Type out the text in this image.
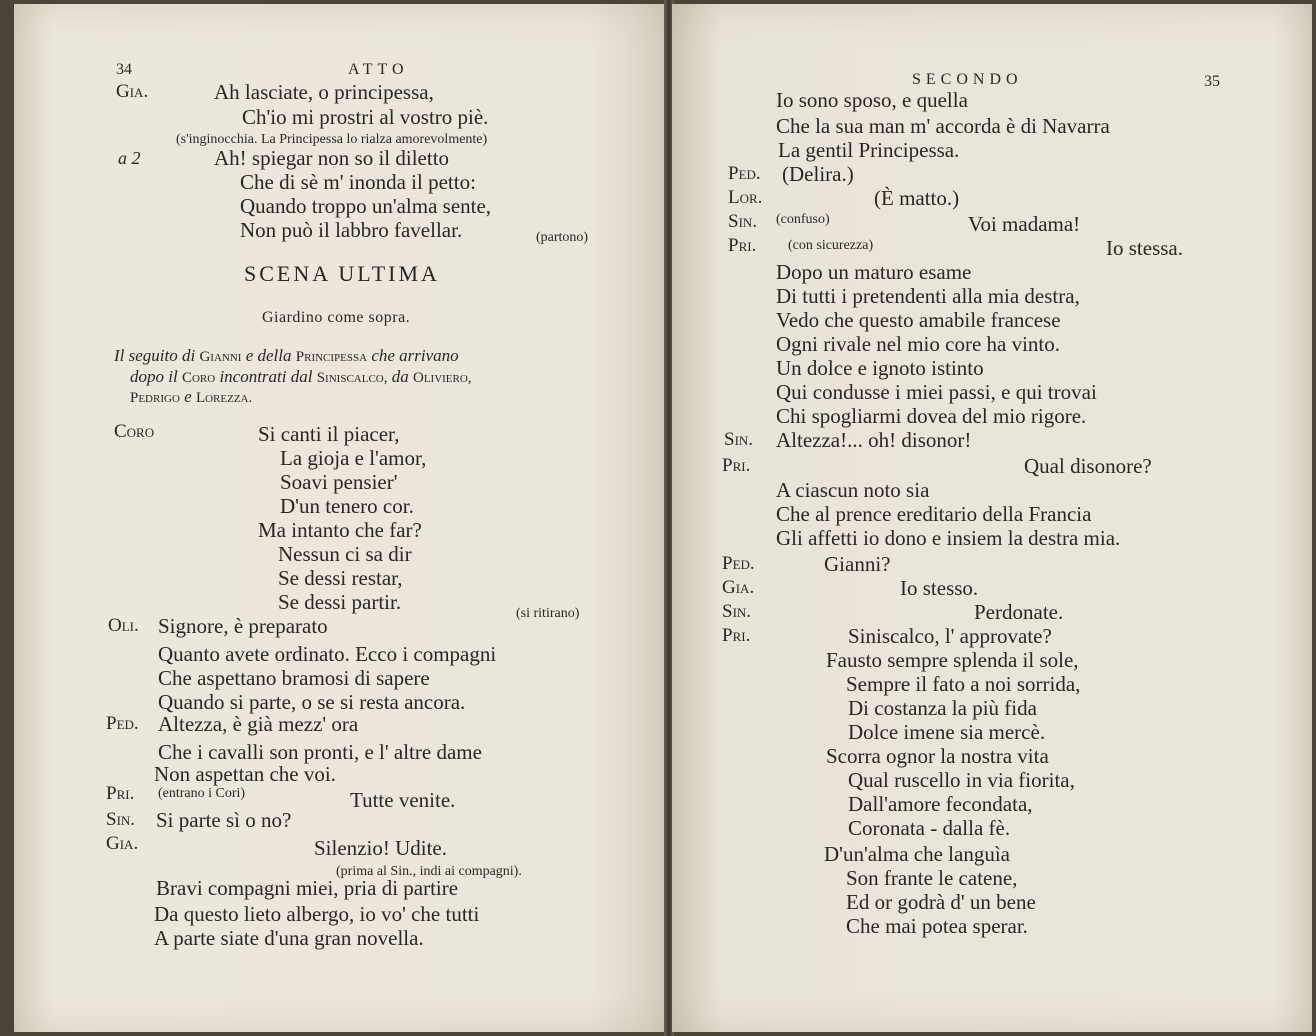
34	ATTO
Gia.	Ah lasciate, o principessa,
Ch'io mi prostri al vostro piè.
(s'inginocchia. La Principessa lo rialza amorevolmente)
a 2	Ah! spiegar non so il diletto
Che di sè m' inonda il petto:
Quando troppo un'alma sente,
Non può il labbro favellar.	(partono)
SCENA ULTIMA
Giardino come sopra.
Il seguito di Gianni e della Principessa che arrivano
dopo il Coro incontrati dal Siniscalco, da Oliviero,
Pedrigo e Lorezza.
Coro	Si canti il piacer,
La gioja e l'amor,
Soavi pensier'
D'un tenero cor.
Ma intanto che far?
Nessun ci sa dir
Se dessi restar,
Se dessi partir.	(si ritirano)
Oli. Signore, è preparato
Quanto avete ordinato. Ecco i compagni
Che aspettano bramosi di sapere
Quando si parte, o se si resta ancora.
Ped. Altezza, è già mezz' ora
Che i cavalli son pronti, e l' altre dame
Non aspettan che voi.
Pri. (entrano i Cori)	Tutte venite.
Sin. Si parte sì o no?
Gia.	Silenzio! Udite.
(prima al Sin., indi ai compagni).
Bravi compagni miei, pria di partire
Da questo lieto albergo, io vo' che tutti
A parte siate d'una gran novella.
SECONDO	35
Io sono sposo, e quella
Che la sua man m' accorda è di Navarra
La gentil Principessa.
Ped. (Delira.)
Lor.	(È matto.)
Sin. (confuso)	Voi madama!
Pri. (con sicurezza)	Io stessa.
Dopo un maturo esame
Di tutti i pretendenti alla mia destra,
Vedo che questo amabile francese
Ogni rivale nel mio core ha vinto.
Un dolce e ignoto istinto
Qui condusse i miei passi, e qui trovai
Chi spogliarmi dovea del mio rigore.
Sin. Altezza!... oh! disonor!
Pri.	Qual disonore?
A ciascun noto sia
Che al prence ereditario della Francia
Gli affetti io dono e insiem la destra mia.
Ped.	Gianni?
Gia.	Io stesso.
Sin.	Perdonate.
Pri.	Siniscalco, l' approvate?
Fausto sempre splenda il sole,
Sempre il fato a noi sorrida,
Di costanza la più fida
Dolce imene sia mercè.
Scorra ognor la nostra vita
Qual ruscello in via fiorita,
Dall'amore fecondata,
Coronata - dalla fè.
D'un'alma che languìa
Son frante le catene,
Ed or godrà d' un bene
Che mai potea sperar.
